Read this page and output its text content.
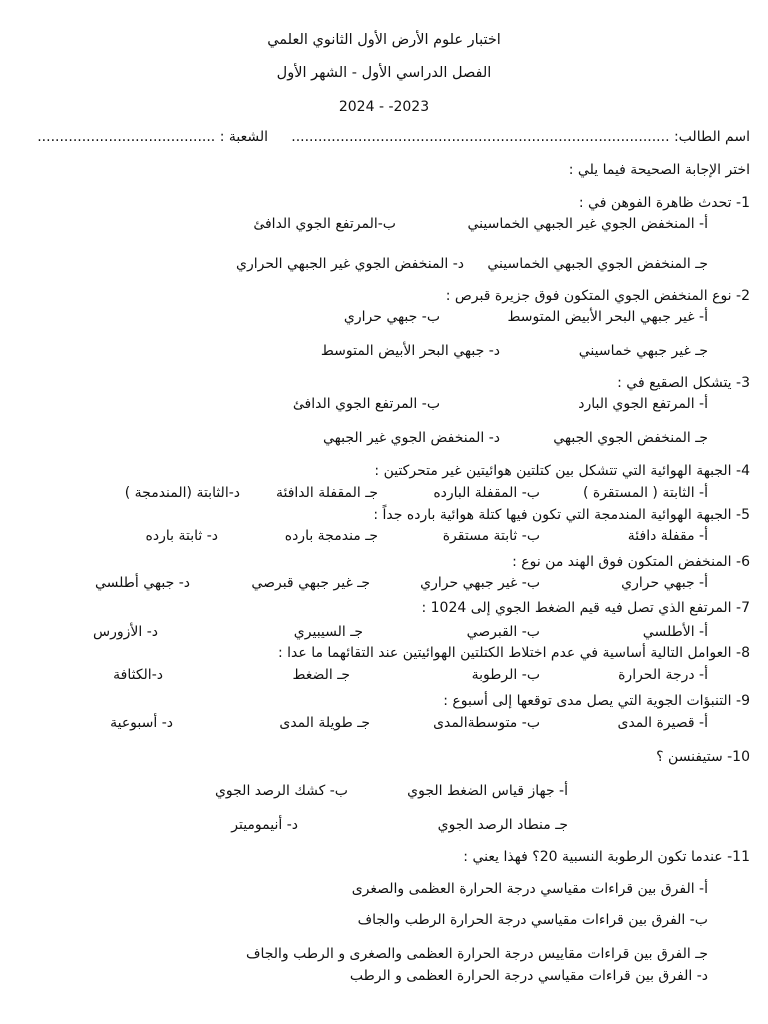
اختبار علوم الأرض الأول الثانوي العلمي
الفصل الدراسي الأول - الشهر الأول
2024 - -2023
اسم الطالب: .....................................................................................
الشعبة : ........................................
اختر الإجابة الصحيحة فيما يلي :
1- تحدث ظاهرة الفوهن في :
أ- المنخفض الجوي غير الجبهي الخماسيني
ب-المرتفع الجوي الدافئ
جـ المنخفض الجوي الجبهي الخماسيني
د- المنخفض الجوي غير الجبهي الحراري
2- نوع المنخفض الجوي المتكون فوق جزيرة قبرص :
أ- غير جبهي البحر الأبيض المتوسط
ب- جبهي حراري
جـ غير جبهي خماسيني
د- جبهي البحر الأبيض المتوسط
3- يتشكل الصقيع في :
أ- المرتفع الجوي البارد
ب- المرتفع الجوي الدافئ
جـ المنخفض الجوي الجبهي
د- المنخفض الجوي غير الجبهي
4- الجبهة الهوائية التي تتشكل بين كتلتين هوائيتين غير متحركتين :
أ- الثابتة ( المستقرة )
ب- المقفلة البارده
جـ المقفلة الدافئة
د-الثابتة (المندمجة )
5- الجبهة الهوائية المندمجة التي تكون فيها كتلة هوائية بارده جداً :
أ- مقفلة دافئة
ب- ثابتة مستقرة
جـ مندمجة بارده
د- ثابتة بارده
6- المنخفض المتكون فوق الهند من نوع :
أ- جبهي حراري
ب- غير جبهي حراري
جـ غير جبهي قبرصي
د- جبهي أطلسي
7- المرتفع الذي تصل فيه قيم الضغط الجوي إلى 1024 :
أ- الأطلسي
ب- القبرصي
جـ السيبيري
د- الأزورس
8- العوامل التالية أساسية في عدم اختلاط الكتلتين الهوائيتين عند التقائهما ما عدا :
أ- درجة الحرارة
ب- الرطوبة
جـ الضغط
د-الكثافة
9- التنبؤات الجوية التي يصل مدى توقعها إلى أسبوع :
أ- قصيرة المدى
ب- متوسطةالمدى
جـ طويلة المدى
د- أسبوعية
10- ستيفنسن ؟
أ- جهاز قياس الضغط الجوي
ب- كشك الرصد الجوي
جـ منطاد الرصد الجوي
د- أنيموميتر
11- عندما تكون الرطوبة النسبية 20؟ فهذا يعني :
أ- الفرق بين قراءات مقياسي درجة الحرارة العظمى والصغرى
ب- الفرق بين قراءات مقياسي درجة الحرارة الرطب والجاف
جـ الفرق بين قراءات مقاييس درجة الحرارة العظمى والصغرى و الرطب والجاف
د- الفرق بين قراءات مقياسي درجة الحرارة العظمى و الرطب
